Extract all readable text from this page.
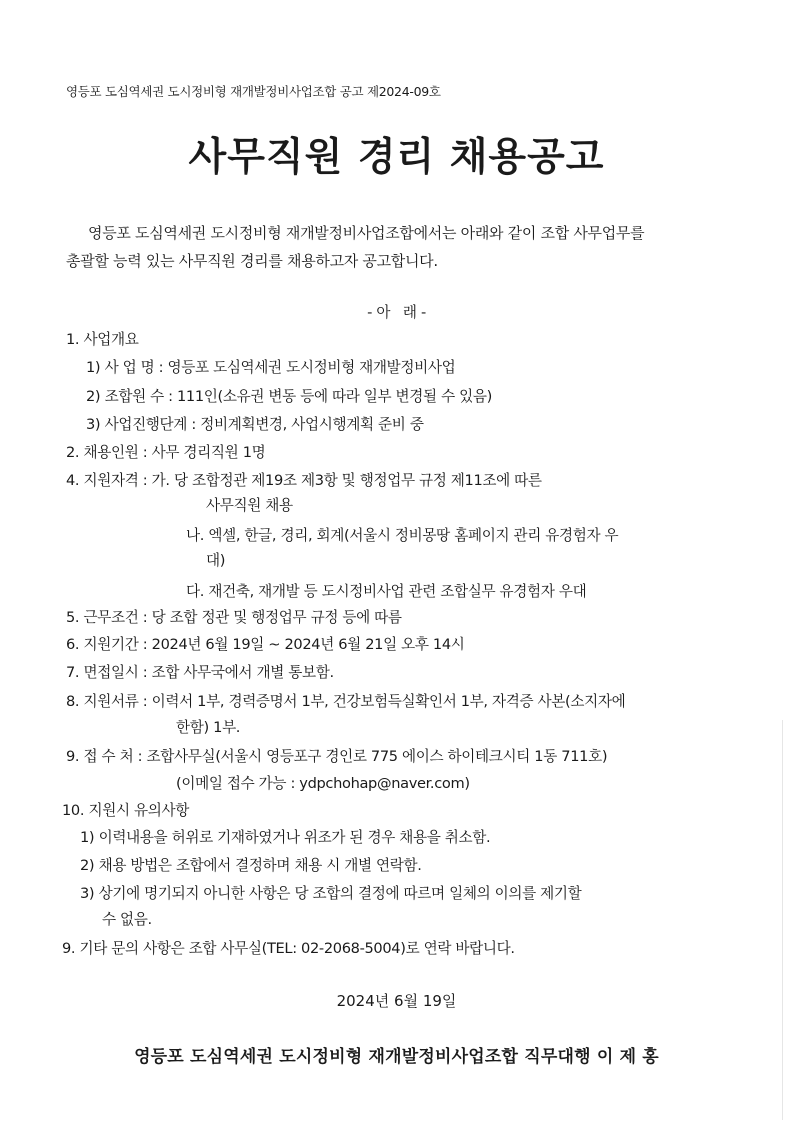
영등포 도심역세권 도시정비형 재개발정비사업조합 공고 제2024-09호
사무직원 경리 채용공고
영등포 도심역세권 도시정비형 재개발정비사업조합에서는 아래와 같이 조합 사무업무를
총괄할 능력 있는 사무직원 경리를 채용하고자 공고합니다.
- 아   래 -
1. 사업개요
1) 사 업 명 : 영등포 도심역세권 도시정비형 재개발정비사업
2) 조합원 수 : 111인(소유권 변동 등에 따라 일부 변경될 수 있음)
3) 사업진행단계 : 정비계획변경, 사업시행계획 준비 중
2. 채용인원 : 사무 경리직원 1명
4. 지원자격 : 가. 당 조합정관 제19조 제3항 및 행정업무 규정 제11조에 따른
사무직원 채용
나. 엑셀, 한글, 경리, 회계(서울시 정비몽땅 홈페이지 관리 유경험자 우
대)
다. 재건축, 재개발 등 도시정비사업 관련 조합실무 유경험자 우대
5. 근무조건 : 당 조합 정관 및 행정업무 규정 등에 따름
6. 지원기간 : 2024년 6월 19일 ~ 2024년 6월 21일 오후 14시
7. 면접일시 : 조합 사무국에서 개별 통보함.
8. 지원서류 : 이력서 1부, 경력증명서 1부, 건강보험득실확인서 1부, 자격증 사본(소지자에
한함) 1부.
9. 접 수 처 : 조합사무실(서울시 영등포구 경인로 775 에이스 하이테크시티 1동 711호)
(이메일 접수 가능 : ydpchohap@naver.com)
10. 지원시 유의사항
1) 이력내용을 허위로 기재하였거나 위조가 된 경우 채용을 취소함.
2) 채용 방법은 조합에서 결정하며 채용 시 개별 연락함.
3) 상기에 명기되지 아니한 사항은 당 조합의 결정에 따르며 일체의 이의를 제기할
수 없음.
9. 기타 문의 사항은 조합 사무실(TEL: 02-2068-5004)로 연락 바랍니다.
2024년 6월 19일
영등포 도심역세권 도시정비형 재개발정비사업조합 직무대행 이 제 홍
